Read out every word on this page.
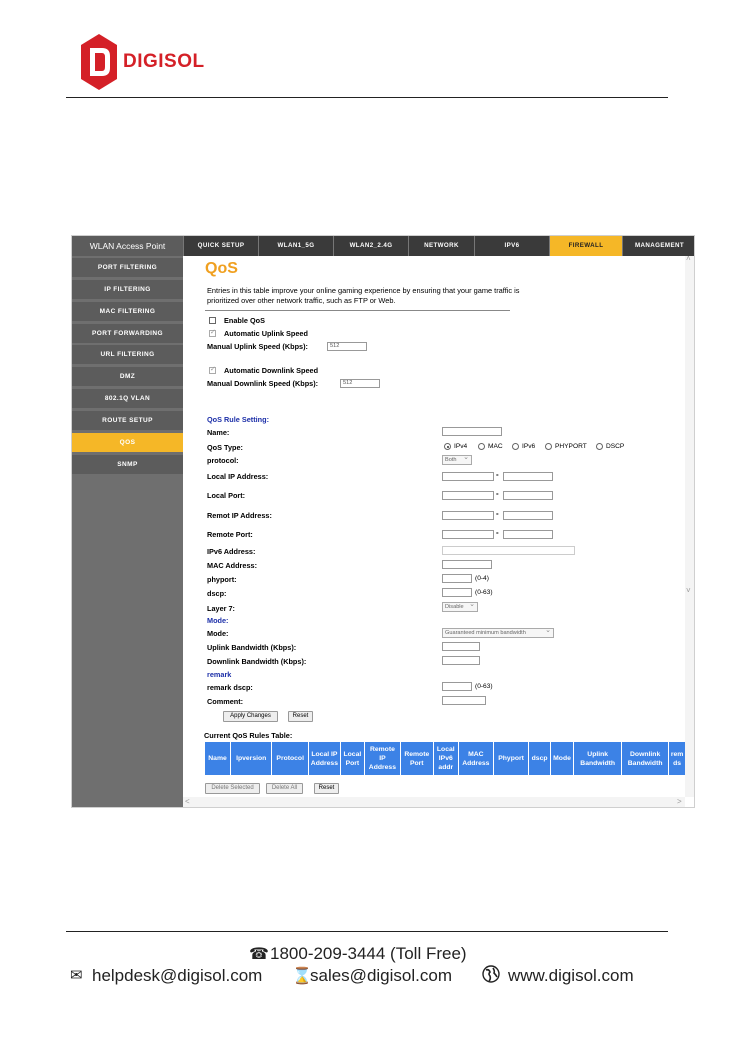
DIGISOL
WLAN Access Point	QUICK SETUP	WLAN1_5G	WLAN2_2.4G	NETWORK	IPV6	FIREWALL	MANAGEMENT
PORT FILTERING
IP FILTERING
MAC FILTERING
PORT FORWARDING
URL FILTERING
DMZ
802.1Q VLAN
ROUTE SETUP
QOS
SNMP
QoS
Entries in this table improve your online gaming experience by ensuring that your game traffic is prioritized over other network traffic, such as FTP or Web.
Enable QoS
✓
Automatic Uplink Speed
Manual Uplink Speed (Kbps):	512
✓
Automatic Downlink Speed
Manual Downlink Speed (Kbps):	512
QoS Rule Setting:
Name:
QoS Type:	IPv4	MAC	IPv6	PHYPORT	DSCP
protocol:	Both ⌄
Local IP Address:	-
Local Port:	-
Remot IP Address:	-
Remote Port:	-
IPv6 Address:
MAC Address:
phyport:	(0-4)
dscp:	(0-63)
Layer 7:	Disable ⌄
Mode:
Mode:	Guaranteed minimum bandwidth ⌄
Uplink Bandwidth (Kbps):
Downlink Bandwidth (Kbps):
remark
remark dscp:	(0-63)
Comment:
Apply Changes	Reset
Current QoS Rules Table:
Name	Ipversion	Protocol	Local IP Address	Local Port	Remote IP Address	Remote Port	Local IPv6 addr	MAC Address	Phyport	dscp	Mode	Uplink Bandwidth	Downlink Bandwidth	rem ds
Delete Selected	Delete All	Reset
˄
˅
<	>
☎ 1800-209-3444 (Toll Free)
✉ helpdesk@digisol.com ⌛
sales@digisol.com	www.digisol.com
